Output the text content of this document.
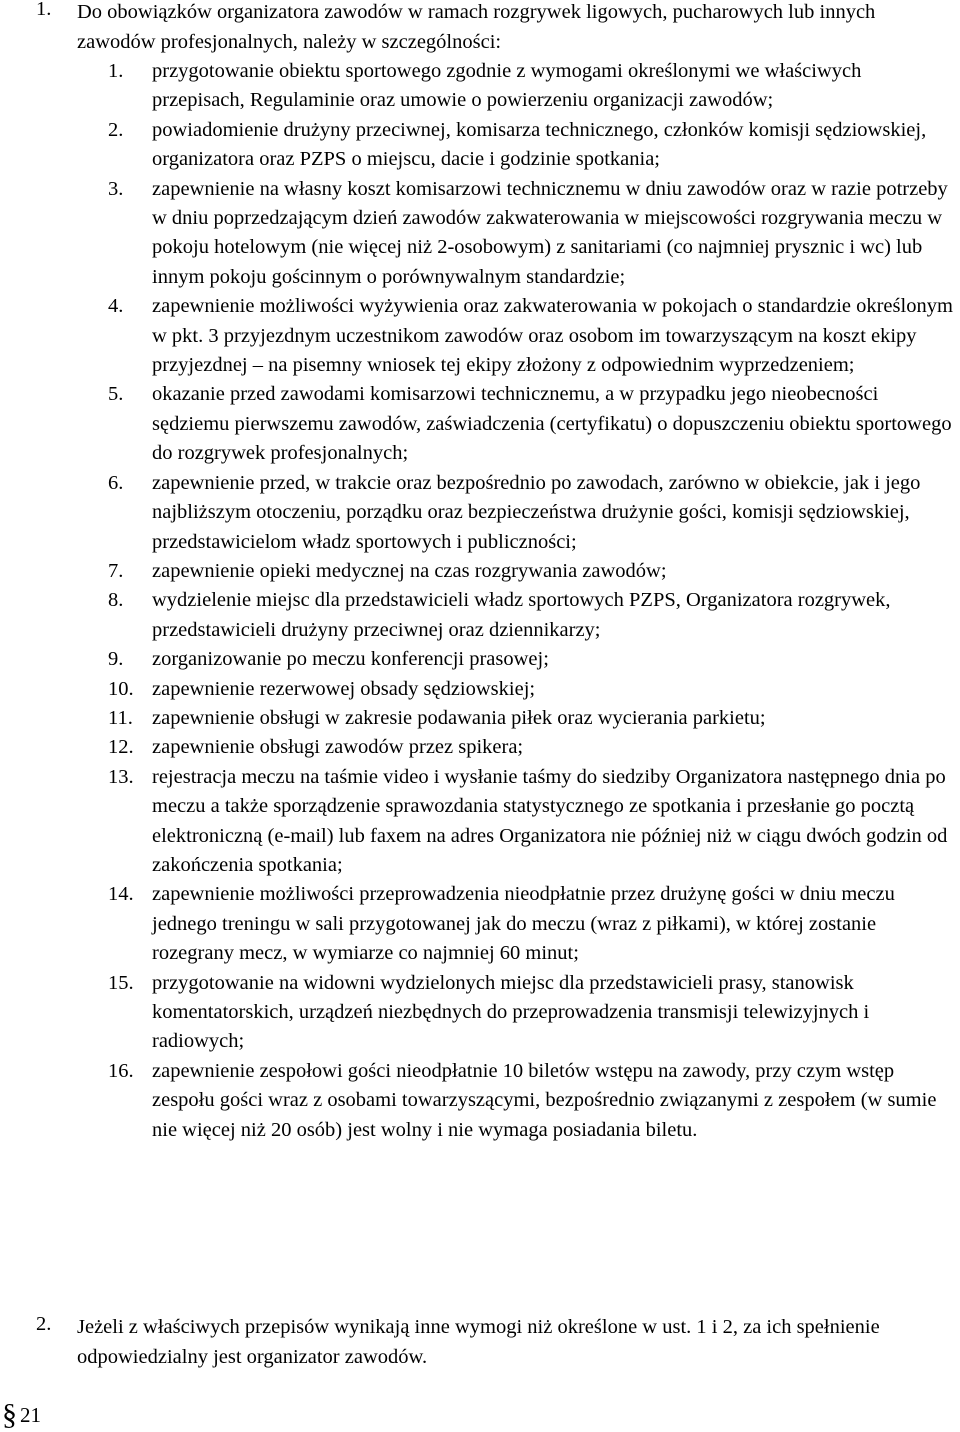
1.	Do obowiązków organizatora zawodów w ramach rozgrywek ligowych, pucharowych lub innych zawodów profesjonalnych, należy w szczególności:
1.	przygotowanie obiektu sportowego zgodnie z wymogami określonymi we właściwych przepisach, Regulaminie oraz umowie o powierzeniu organizacji zawodów;
2.	powiadomienie drużyny przeciwnej, komisarza technicznego, członków komisji sędziowskiej, organizatora oraz PZPS o miejscu, dacie i godzinie spotkania;
3.	zapewnienie na własny koszt komisarzowi technicznemu w dniu zawodów oraz w razie potrzeby w dniu poprzedzającym dzień zawodów zakwaterowania w miejscowości rozgrywania meczu w pokoju hotelowym (nie więcej niż 2-osobowym) z sanitariami (co najmniej prysznic i wc) lub innym pokoju gościnnym o porównywalnym standardzie;
4.	zapewnienie możliwości wyżywienia oraz zakwaterowania w pokojach o standardzie określonym w pkt. 3 przyjezdnym uczestnikom zawodów oraz osobom im towarzyszącym na koszt ekipy przyjezdnej – na pisemny wniosek tej ekipy złożony z odpowiednim wyprzedzeniem;
5.	okazanie przed zawodami komisarzowi technicznemu, a w przypadku jego nieobecności sędziemu pierwszemu zawodów, zaświadczenia (certyfikatu) o dopuszczeniu obiektu sportowego do rozgrywek profesjonalnych;
6.	zapewnienie przed, w trakcie oraz bezpośrednio po zawodach, zarówno w obiekcie, jak i jego najbliższym otoczeniu, porządku oraz bezpieczeństwa drużynie gości, komisji sędziowskiej, przedstawicielom władz sportowych i publiczności;
7.	zapewnienie opieki medycznej na czas rozgrywania zawodów;
8.	wydzielenie miejsc dla przedstawicieli władz sportowych PZPS, Organizatora rozgrywek, przedstawicieli drużyny przeciwnej oraz dziennikarzy;
9.	zorganizowanie po meczu konferencji prasowej;
10. zapewnienie rezerwowej obsady sędziowskiej;
11. zapewnienie obsługi w zakresie podawania piłek oraz wycierania parkietu;
12. zapewnienie obsługi zawodów przez spikera;
13. rejestracja meczu na taśmie video i wysłanie taśmy do siedziby Organizatora następnego dnia po meczu a także sporządzenie sprawozdania statystycznego ze spotkania i przesłanie go pocztą elektroniczną (e-mail) lub faxem na adres Organizatora nie później niż w ciągu dwóch godzin od zakończenia spotkania;
14. zapewnienie możliwości przeprowadzenia nieodpłatnie przez drużynę gości w dniu meczu jednego treningu w sali przygotowanej jak do meczu (wraz z piłkami), w której zostanie rozegrany mecz, w wymiarze co najmniej 60 minut;
15. przygotowanie na widowni wydzielonych miejsc dla przedstawicieli prasy, stanowisk komentatorskich, urządzeń niezbędnych do przeprowadzenia transmisji telewizyjnych i radiowych;
16. zapewnienie zespołowi gości nieodpłatnie 10 biletów wstępu na zawody, przy czym wstęp zespołu gości wraz z osobami towarzyszącymi, bezpośrednio związanymi z zespołem (w sumie nie więcej niż 20 osób) jest wolny i nie wymaga posiadania biletu.
2.	Jeżeli z właściwych przepisów wynikają inne wymogi niż określone w ust. 1 i 2, za ich spełnienie odpowiedzialny jest organizator zawodów.
§ 21
